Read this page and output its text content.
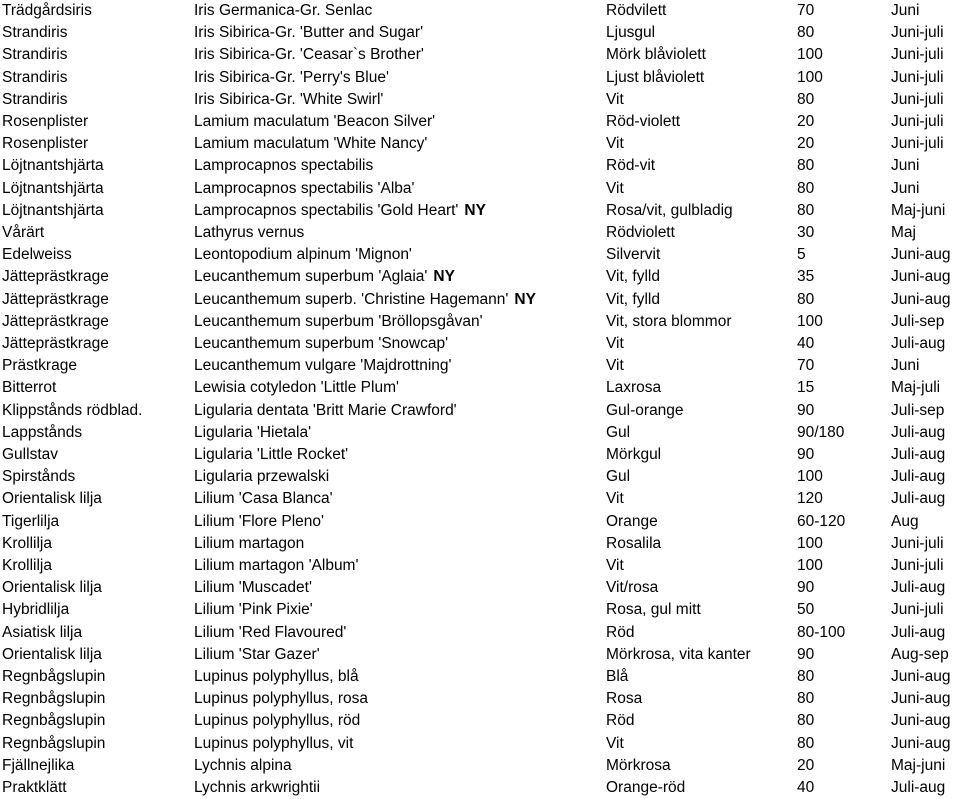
Trädgårdsiris	Iris Germanica-Gr. Senlac	Rödvilett	70	Juni
Strandiris	Iris Sibirica-Gr. 'Butter and Sugar'	Ljusgul	80	Juni-juli
Strandiris	Iris Sibirica-Gr. 'Ceasar`s Brother'	Mörk blåviolett	100	Juni-juli
Strandiris	Iris Sibirica-Gr. 'Perry's Blue'	Ljust blåviolett	100	Juni-juli
Strandiris	Iris Sibirica-Gr. 'White Swirl'	Vit	80	Juni-juli
Rosenplister	Lamium maculatum 'Beacon Silver'	Röd-violett	20	Juni-juli
Rosenplister	Lamium maculatum 'White Nancy'	Vit	20	Juni-juli
Löjtnantshjärta	Lamprocapnos spectabilis	Röd-vit	80	Juni
Löjtnantshjärta	Lamprocapnos spectabilis 'Alba'	Vit	80	Juni
Löjtnantshjärta	Lamprocapnos spectabilis 'Gold Heart' NY	Rosa/vit, gulbladig	80	Maj-juni
Vårärt	Lathyrus vernus	Rödviolett	30	Maj
Edelweiss	Leontopodium alpinum 'Mignon'	Silvervit	5	Juni-aug
Jätteprästkrage	Leucanthemum superbum 'Aglaia' NY	Vit, fylld	35	Juni-aug
Jätteprästkrage	Leucanthemum superb. 'Christine Hagemann' NY	Vit, fylld	80	Juni-aug
Jätteprästkrage	Leucanthemum superbum 'Bröllopsgåvan'	Vit, stora blommor	100	Juli-sep
Jätteprästkrage	Leucanthemum superbum 'Snowcap'	Vit	40	Juli-aug
Prästkrage	Leucanthemum vulgare 'Majdrottning'	Vit	70	Juni
Bitterrot	Lewisia cotyledon 'Little Plum'	Laxrosa	15	Maj-juli
Klippstånds rödblad.	Ligularia dentata 'Britt Marie Crawford'	Gul-orange	90	Juli-sep
Lappstånds	Ligularia 'Hietala'	Gul	90/180	Juli-aug
Gullstav	Ligularia 'Little Rocket'	Mörkgul	90	Juli-aug
Spirstånds	Ligularia przewalski	Gul	100	Juli-aug
Orientalisk lilja	Lilium 'Casa Blanca'	Vit	120	Juli-aug
Tigerlilja	Lilium 'Flore Pleno'	Orange	60-120	Aug
Krollilja	Lilium martagon	Rosalila	100	Juni-juli
Krollilja	Lilium martagon 'Album'	Vit	100	Juni-juli
Orientalisk lilja	Lilium 'Muscadet'	Vit/rosa	90	Juli-aug
Hybridlilja	Lilium 'Pink Pixie'	Rosa, gul mitt	50	Juni-juli
Asiatisk lilja	Lilium 'Red Flavoured'	Röd	80-100	Juli-aug
Orientalisk lilja	Lilium 'Star Gazer'	Mörkrosa, vita kanter	90	Aug-sep
Regnbågslupin	Lupinus polyphyllus, blå	Blå	80	Juni-aug
Regnbågslupin	Lupinus polyphyllus, rosa	Rosa	80	Juni-aug
Regnbågslupin	Lupinus polyphyllus, röd	Röd	80	Juni-aug
Regnbågslupin	Lupinus polyphyllus, vit	Vit	80	Juni-aug
Fjällnejlika	Lychnis alpina	Mörkrosa	20	Maj-juni
Praktklätt	Lychnis arkwrightii	Orange-röd	40	Juli-aug
